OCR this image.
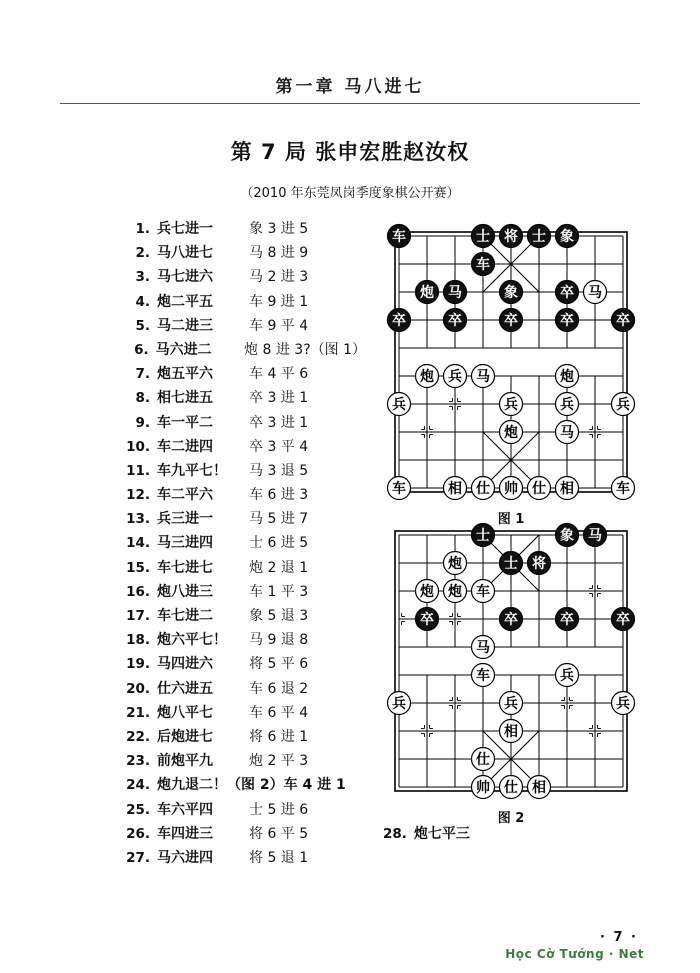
第一章 马八进七
第 7 局 张申宏胜赵汝权
（2010 年东莞凤岗季度象棋公开赛）
1. 兵七进一	象 3 进 5
2. 马八进七	马 8 进 9
3. 马七进六	马 2 进 3
4. 炮二平五	车 9 进 1
5. 马二进三	车 9 平 4
6. 马六进二	炮 8 进 3?（图 1）
7. 炮五平六	车 4 平 6
8. 相七进五	卒 3 进 1
9. 车一平二	卒 3 进 1
10. 车二进四	卒 3 平 4
11. 车九平七！	马 3 退 5
12. 车二平六	车 6 进 3
13. 兵三进一	马 5 进 7
14. 马三进四	士 6 进 5
15. 车七进七	炮 2 退 1
16. 炮八进三	车 1 平 3
17. 车七进二	象 5 退 3
18. 炮六平七！	马 9 退 8
19. 马四进六	将 5 平 6
20. 仕六进五	车 6 退 2
21. 炮八平七	车 6 平 4
22. 后炮进七	将 6 进 1
23. 前炮平九	炮 2 平 3
24. 炮九退二！（图 2）车 4 进 1
25. 车六平四	士 5 进 6
26. 车四进三	将 6 平 5
27. 马六进四	将 5 退 1
28. 炮七平三
车	士 将 士 象
车
炮 马	象	卒 马
卒	卒	卒	卒	卒
炮 兵 马	炮
兵	兵	兵	兵
炮	马
车	相 仕 帅 仕 相	车
图 1
士	象 马
炮	士 将
炮 炮 车
卒	卒	卒	卒
马
车	兵
兵	兵	兵
相
仕
帅 仕 相
图 2
· 7 ·
Học Cờ Tướng · Net
